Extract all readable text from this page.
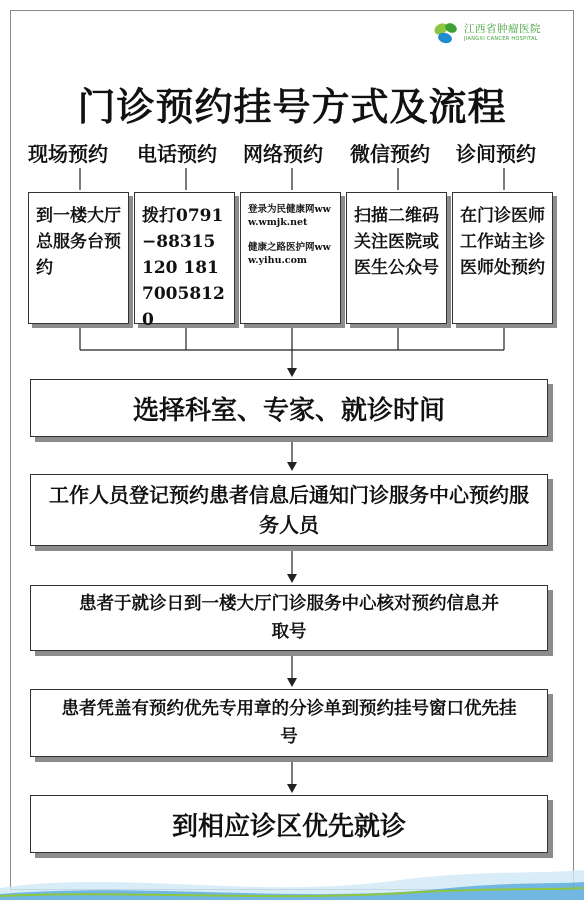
江西省肿瘤医院
JIANGXI CANCER HOSPITAL
门诊预约挂号方式及流程
现场预约 电话预约 网络预约 微信预约 诊间预约
到一楼大厅总服务台预约
拨打0791−88315120 18170058120

登录为民健康网www.wmjk.net

健康之路医护网www.yihu.com

扫描二维码关注医院或医生公众号
在门诊医师工作站主诊医师处预约
选择科室、专家、就诊时间
工作人员登记预约患者信息后通知门诊服务中心预约服务人员
患者于就诊日到一楼大厅门诊服务中心核对预约信息并取号
患者凭盖有预约优先专用章的分诊单到预约挂号窗口优先挂号
到相应诊区优先就诊
